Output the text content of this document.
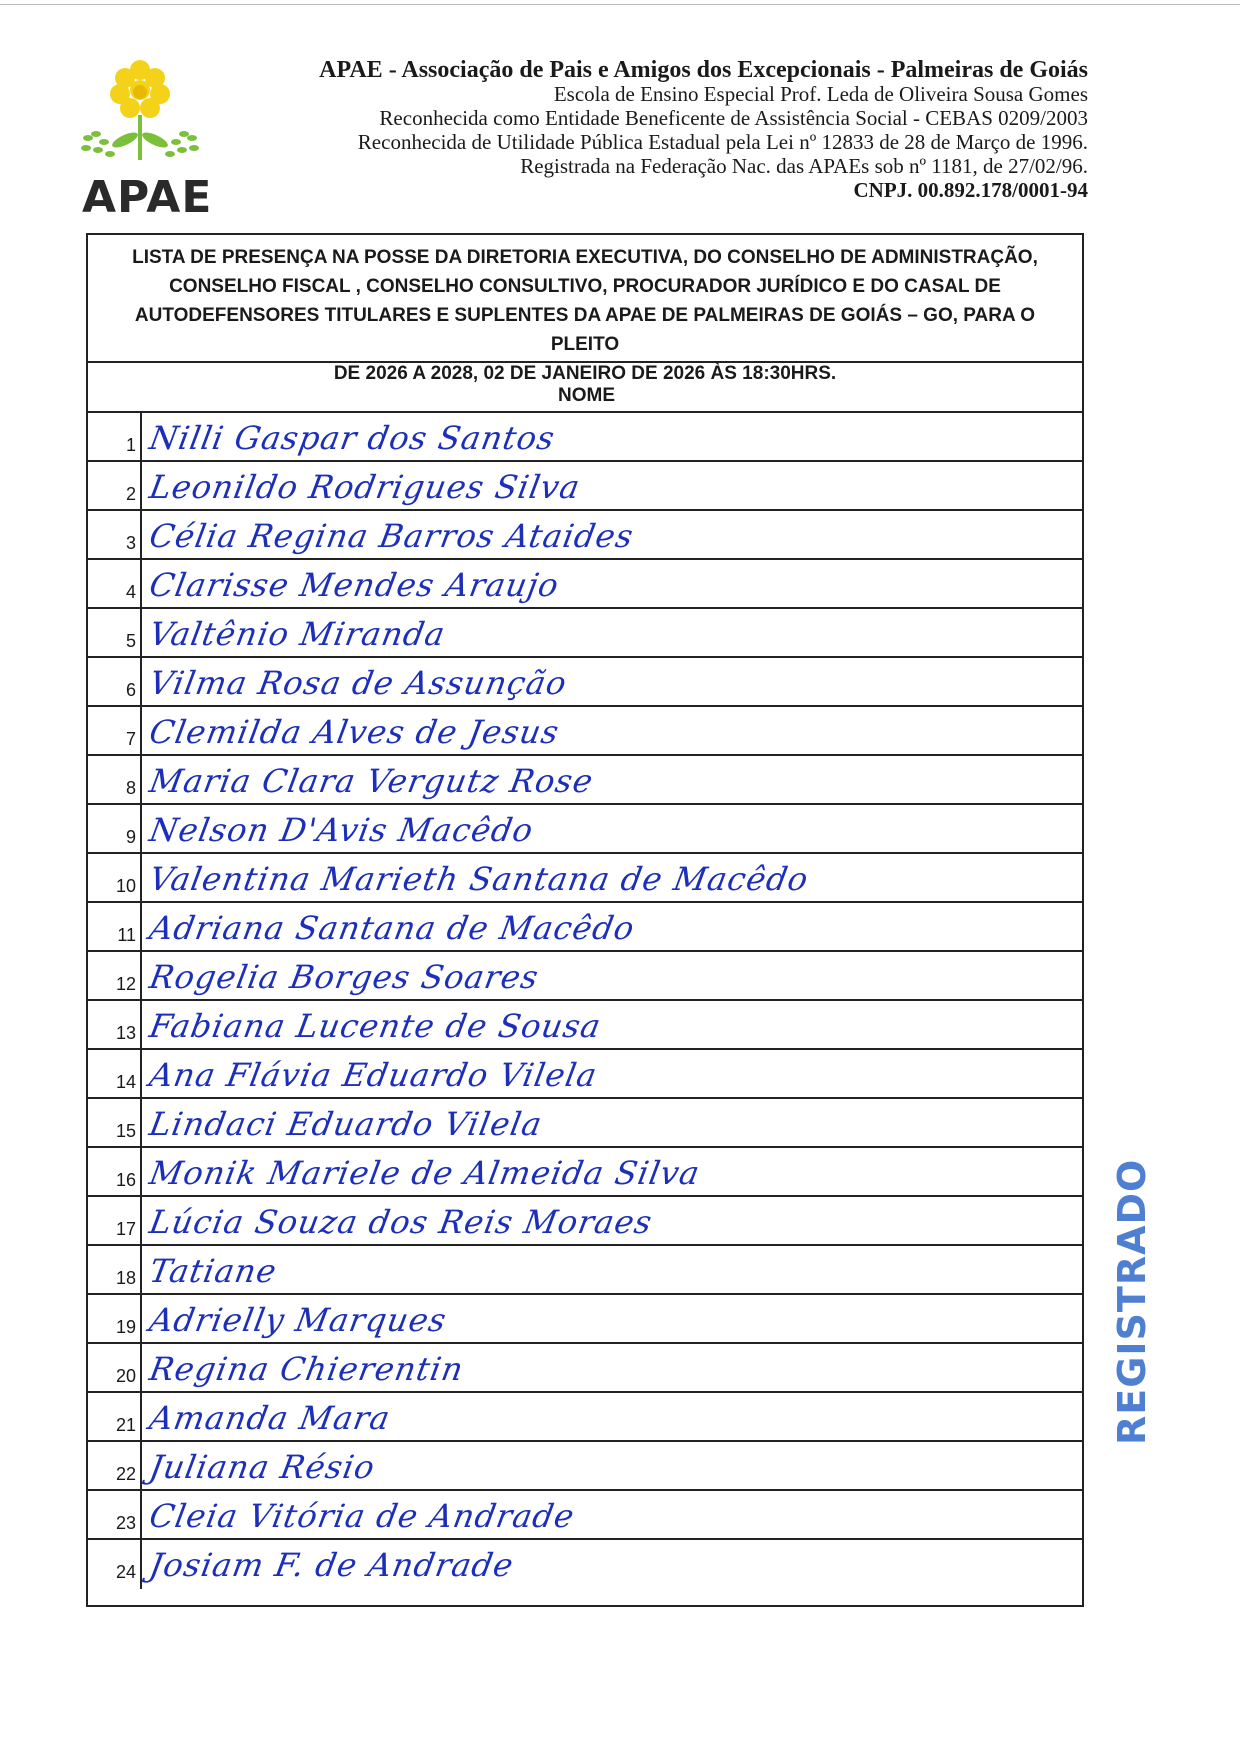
APAE
APAE - Associação de Pais e Amigos dos Excepcionais - Palmeiras de Goiás
Escola de Ensino Especial Prof. Leda de Oliveira Sousa Gomes
Reconhecida como Entidade Beneficente de Assistência Social - CEBAS 0209/2003
Reconhecida de Utilidade Pública Estadual pela Lei nº 12833 de 28 de Março de 1996.
Registrada na Federação Nac. das APAEs sob nº 1181, de 27/02/96.
CNPJ. 00.892.178/0001-94
LISTA DE PRESENÇA NA POSSE DA DIRETORIA EXECUTIVA, DO CONSELHO DE ADMINISTRAÇÃO,
CONSELHO FISCAL , CONSELHO CONSULTIVO, PROCURADOR JURÍDICO E DO CASAL DE
AUTODEFENSORES TITULARES E SUPLENTES DA APAE DE PALMEIRAS DE GOIÁS – GO, PARA O PLEITO
DE 2026 A 2028, 02 DE JANEIRO DE 2026 ÀS 18:30HRS.
NOME
1 Nilli Gaspar dos Santos
2 Leonildo Rodrigues Silva
3 Célia Regina Barros Ataides
4 Clarisse Mendes Araujo
5 Valtênio Miranda
6 Vilma Rosa de Assunção
7 Clemilda Alves de Jesus
8 Maria Clara Vergutz Rose
9 Nelson D'Avis Macêdo
10 Valentina Marieth Santana de Macêdo
11 Adriana Santana de Macêdo
12 Rogelia Borges Soares
13 Fabiana Lucente de Sousa
14 Ana Flávia Eduardo Vilela
15 Lindaci Eduardo Vilela
16 Monik Mariele de Almeida Silva
17 Lúcia Souza dos Reis Moraes
18 Tatiane
19 Adrielly Marques
20 Regina Chierentin
21 Amanda Mara
22 Juliana Résio
23 Cleia Vitória de Andrade
24 Josiam F. de Andrade
REGISTRADO
